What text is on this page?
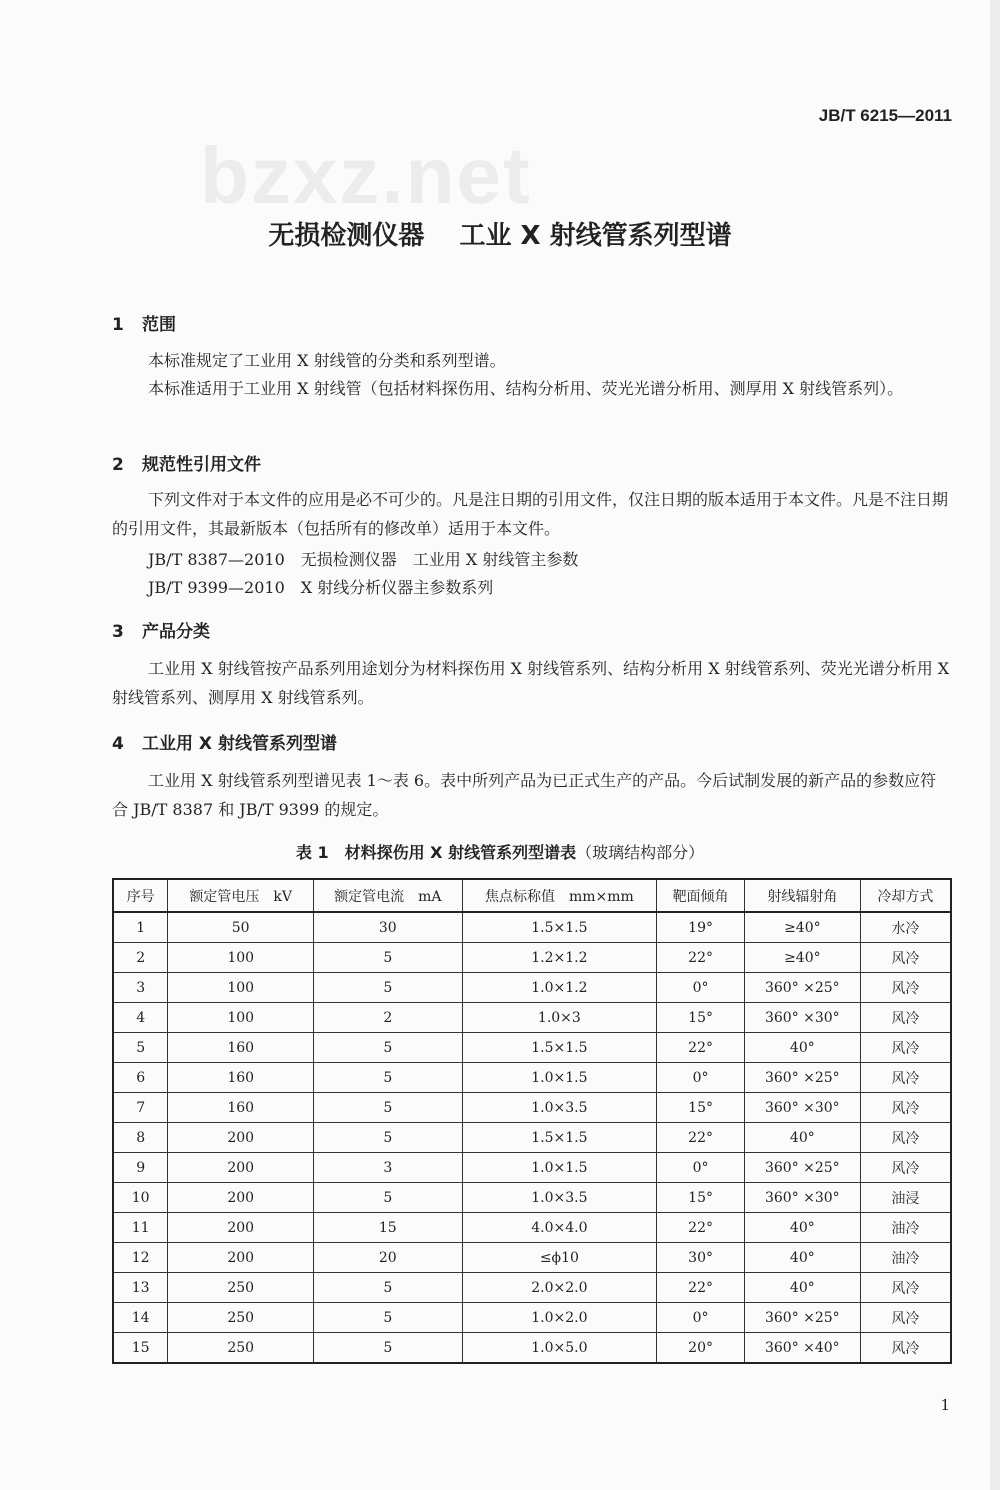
JB/T 6215—2011
bzxz.net
无损检测仪器　 工业 X 射线管系列型谱
1 范围
本标准规定了工业用 X 射线管的分类和系列型谱。
本标准适用于工业用 X 射线管（包括材料探伤用、结构分析用、荧光光谱分析用、测厚用 X 射线管系列）。
2 规范性引用文件
下列文件对于本文件的应用是必不可少的。凡是注日期的引用文件，仅注日期的版本适用于本文件。凡是不注日期的引用文件，其最新版本（包括所有的修改单）适用于本文件。
JB/T 8387—2010　无损检测仪器　工业用 X 射线管主参数
JB/T 9399—2010　X 射线分析仪器主参数系列
3 产品分类
工业用 X 射线管按产品系列用途划分为材料探伤用 X 射线管系列、结构分析用 X 射线管系列、荧光光谱分析用 X 射线管系列、测厚用 X 射线管系列。
4 工业用 X 射线管系列型谱
工业用 X 射线管系列型谱见表 1～表 6。表中所列产品为已正式生产的产品。今后试制发展的新产品的参数应符合 JB/T 8387 和 JB/T 9399 的规定。
表 1　材料探伤用 X 射线管系列型谱表（玻璃结构部分）
序号	额定管电压　kV	额定管电流　mA	焦点标称值　mm×mm	靶面倾角	射线辐射角	冷却方式
1	50	30	1.5×1.5	19°	≥40°	水冷
2	100	5	1.2×1.2	22°	≥40°	风冷
3	100	5	1.0×1.2	0°	360° ×25°	风冷
4	100	2	1.0×3	15°	360° ×30°	风冷
5	160	5	1.5×1.5	22°	40°	风冷
6	160	5	1.0×1.5	0°	360° ×25°	风冷
7	160	5	1.0×3.5	15°	360° ×30°	风冷
8	200	5	1.5×1.5	22°	40°	风冷
9	200	3	1.0×1.5	0°	360° ×25°	风冷
10	200	5	1.0×3.5	15°	360° ×30°	油浸
11	200	15	4.0×4.0	22°	40°	油冷
12	200	20	≤ϕ10	30°	40°	油冷
13	250	5	2.0×2.0	22°	40°	风冷
14	250	5	1.0×2.0	0°	360° ×25°	风冷
15	250	5	1.0×5.0	20°	360° ×40°	风冷
1
